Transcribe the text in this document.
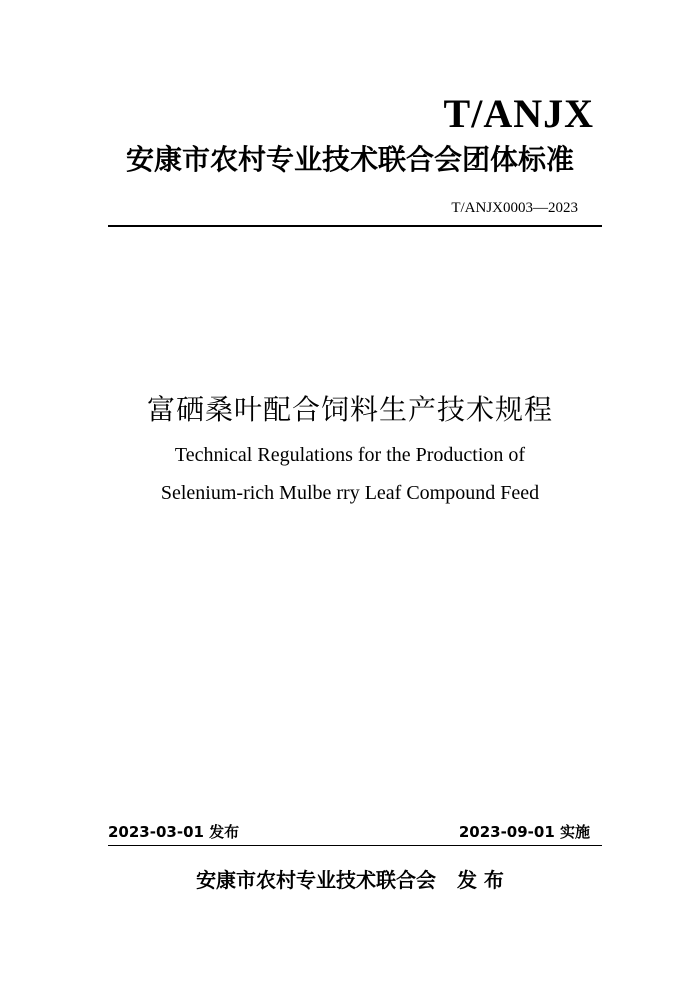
T/ANJX
安康市农村专业技术联合会团体标准
T/ANJX0003—2023
富硒桑叶配合饲料生产技术规程
Technical Regulations for the Production of
Selenium-rich Mulbe rry Leaf Compound Feed
2023-03-01 发布	2023-09-01 实施
安康市农村专业技术联合会   发 布
